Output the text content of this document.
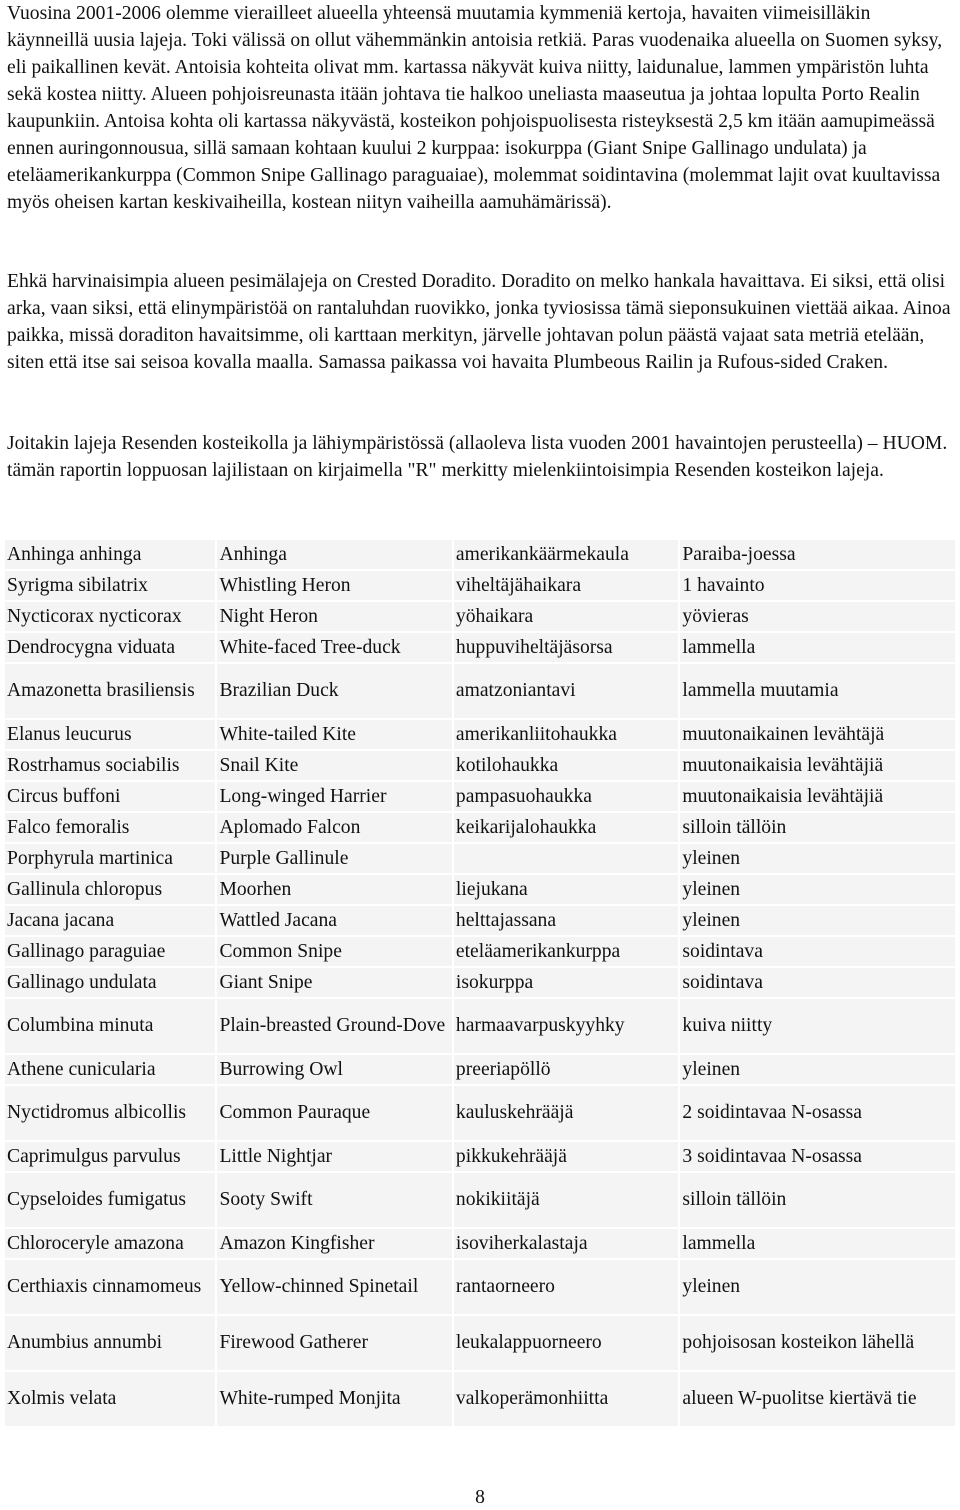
Vuosina 2001-2006 olemme vierailleet alueella yhteensä muutamia kymmeniä kertoja, havaiten viimeisilläkin käynneillä uusia lajeja. Toki välissä on ollut vähemmänkin antoisia retkiä. Paras vuodenaika alueella on Suomen syksy, eli paikallinen kevät. Antoisia kohteita olivat mm. kartassa näkyvät kuiva niitty, laidunalue, lammen ympäristön luhta sekä kostea niitty. Alueen pohjoisreunasta itään johtava tie halkoo uneliasta maaseutua ja johtaa lopulta Porto Realin kaupunkiin. Antoisa kohta oli kartassa näkyvästä, kosteikon pohjoispuolisesta risteyksestä 2,5 km itään aamupimeässä ennen auringonnousua, sillä samaan kohtaan kuului 2 kurppaa: isokurppa (Giant Snipe Gallinago undulata) ja eteläamerikankurppa (Common Snipe Gallinago paraguaiae), molemmat soidintavina (molemmat lajit ovat kuultavissa myös oheisen kartan keskivaiheilla, kostean niityn vaiheilla aamuhämärissä).

Ehkä harvinaisimpia alueen pesimälajeja on Crested Doradito. Doradito on melko hankala havaittava. Ei siksi, että olisi arka, vaan siksi, että elinympäristöä on rantaluhdan ruovikko, jonka tyviosissa tämä sieponsukuinen viettää aikaa. Ainoa paikka, missä doraditon havaitsimme, oli karttaan merkityn, järvelle johtavan polun päästä vajaat sata metriä etelään, siten että itse sai seisoa kovalla maalla. Samassa paikassa voi havaita Plumbeous Railin ja Rufous-sided Craken.

Joitakin lajeja Resenden kosteikolla ja lähiympäristössä (allaoleva lista vuoden 2001 havaintojen perusteella) – HUOM. tämän raportin loppuosan lajilistaan on kirjaimella "R" merkitty mielenkiintoisimpia Resenden kosteikon lajeja.

Anhinga anhinga	Anhinga	amerikankäärmekaula	Paraiba-joessa
Syrigma sibilatrix	Whistling Heron	viheltäjähaikara	1 havainto
Nycticorax nycticorax	Night Heron	yöhaikara	yövieras
Dendrocygna viduata	White-faced Tree-duck	huppuviheltäjäsorsa	lammella
Amazonetta brasiliensis	Brazilian Duck	amatzoniantavi	lammella muutamia
Elanus leucurus	White-tailed Kite	amerikanliitohaukka	muutonaikainen levähtäjä
Rostrhamus sociabilis	Snail Kite	kotilohaukka	muutonaikaisia levähtäjiä
Circus buffoni	Long-winged Harrier	pampasuohaukka	muutonaikaisia levähtäjiä
Falco femoralis	Aplomado Falcon	keikarijalohaukka	silloin tällöin
Porphyrula martinica	Purple Gallinule		yleinen
Gallinula chloropus	Moorhen	liejukana	yleinen
Jacana jacana	Wattled Jacana	helttajassana	yleinen
Gallinago paraguiae	Common Snipe	eteläamerikankurppa	soidintava
Gallinago undulata	Giant Snipe	isokurppa	soidintava
Columbina minuta	Plain-breasted Ground-Dove	harmaavarpuskyyhky	kuiva niitty
Athene cunicularia	Burrowing Owl	preeriapöllö	yleinen
Nyctidromus albicollis	Common Pauraque	kauluskehrääjä	2 soidintavaa N-osassa
Caprimulgus parvulus	Little Nightjar	pikkukehrääjä	3 soidintavaa N-osassa
Cypseloides fumigatus	Sooty Swift	nokikiitäjä	silloin tällöin
Chloroceryle amazona	Amazon Kingfisher	isoviherkalastaja	lammella
Certhiaxis cinnamomeus	Yellow-chinned Spinetail	rantaorneero	yleinen
Anumbius annumbi	Firewood Gatherer	leukalappuorneero	pohjoisosan kosteikon lähellä
Xolmis velata	White-rumped Monjita	valkoperämonhiitta	alueen W-puolitse kiertävä tie
8
